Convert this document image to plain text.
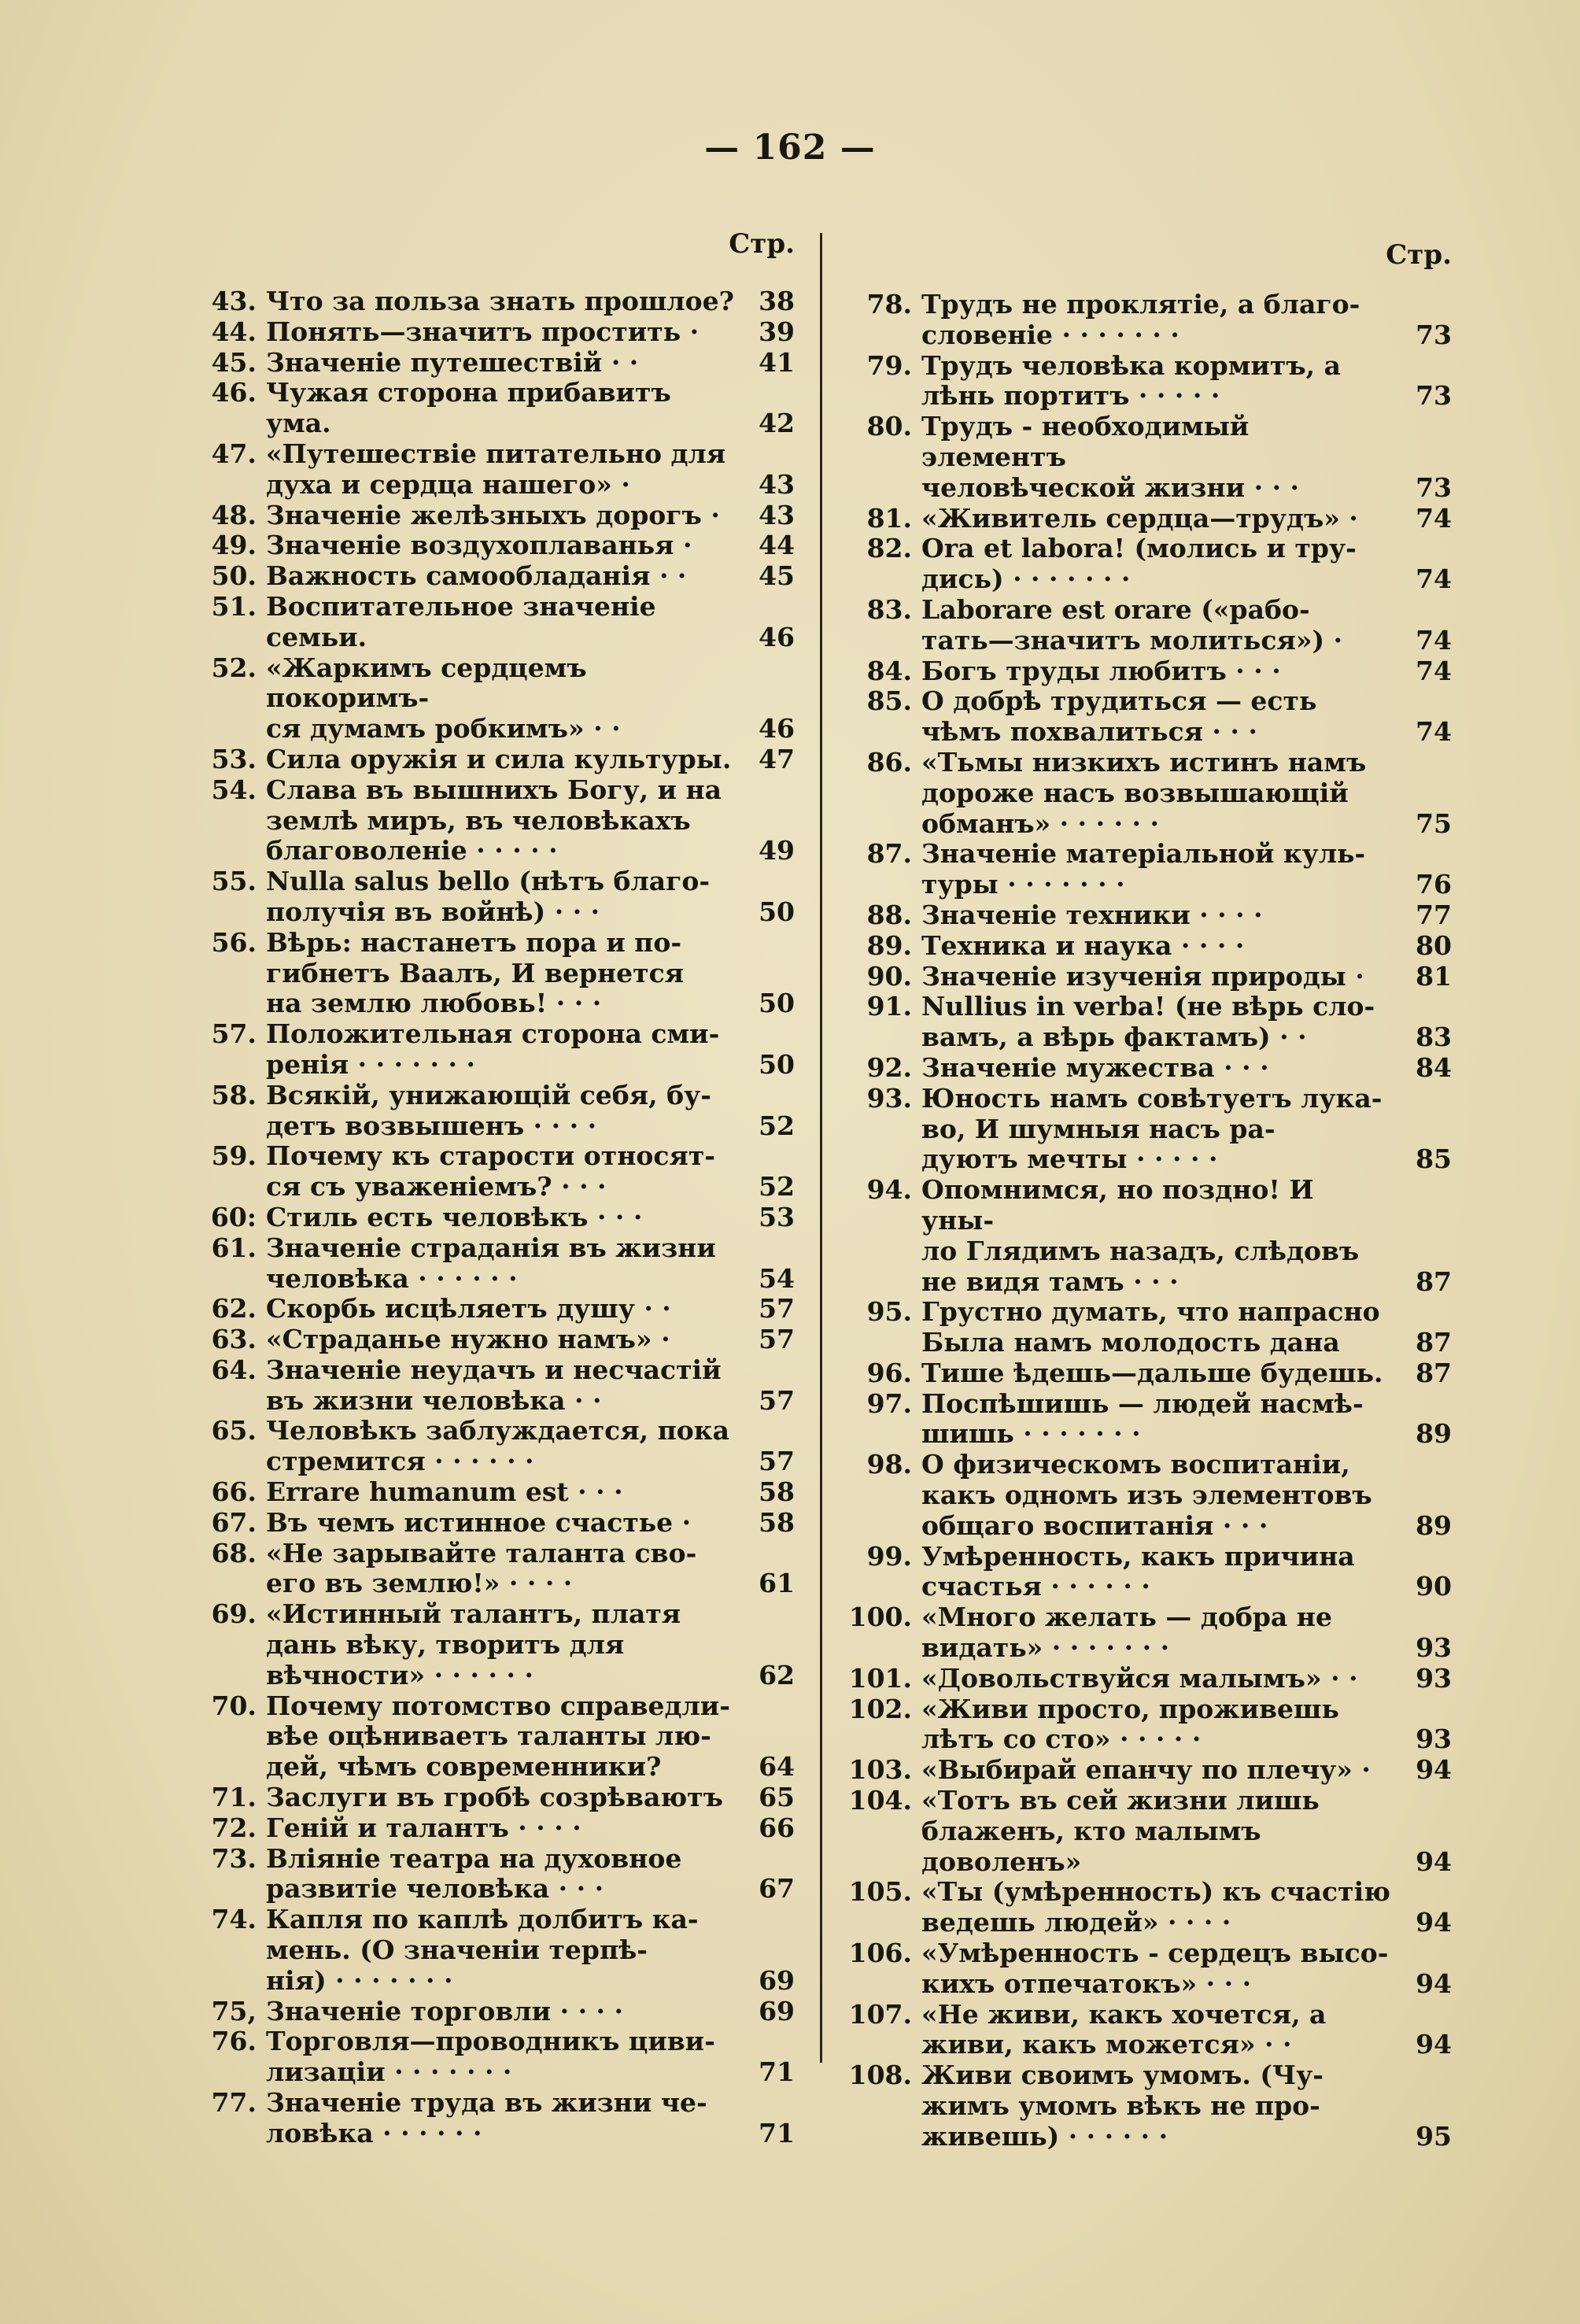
— 162 —
Стр.
43. Что за польза знать прошлое? 38
44. Понять—значитъ простить ·	39
45. Значеніе путешествій · ·	41
46. Чужая сторона прибавитъ ума.	42
47. «Путешествіе питательно для
духа и сердца нашего» ·	43
48. Значеніе желѣзныхъ дорогъ ·	43
49. Значеніе воздухоплаванья ·	44
50. Важность самообладанія · ·	45
51. Воспитательное значеніе семьи.	46
52. «Жаркимъ сердцемъ покоримъ-
ся думамъ робкимъ» · ·	46
53. Сила оружія и сила культуры.	47
54. Слава въ вышнихъ Богу, и на
землѣ миръ, въ человѣкахъ
благоволеніе · · · · ·	49
55. Nulla salus bello (нѣтъ благо-
получія въ войнѣ) · · ·	50
56. Вѣрь: настанетъ пора и по-
гибнетъ Ваалъ, И вернется
на землю любовь! · · ·	50
57. Положительная сторона сми-
ренія · · · · · · ·	50
58. Всякій, унижающій себя, бу-
детъ возвышенъ · · · ·	52
59. Почему къ старости относят-
ся съ уваженіемъ? · · ·	52
60: Стиль есть человѣкъ · · ·	53
61. Значеніе страданія въ жизни
человѣка · · · · · ·	54
62. Скорбь исцѣляетъ душу · ·	57
63. «Страданье нужно намъ» ·	57
64. Значеніе неудачъ и несчастій
въ жизни человѣка · ·	57
65. Человѣкъ заблуждается, пока
стремится · · · · · ·	57
66. Errare humanum est · · ·	58
67. Въ чемъ истинное счастье ·	58
68. «Не зарывайте таланта сво-
его въ землю!» · · · ·	61
69. «Истинный талантъ, платя
дань вѣку, творитъ для
вѣчности» · · · · · ·	62
70. Почему потомство справедли-
вѣе оцѣниваетъ таланты лю-
дей, чѣмъ современники?	64
71. Заслуги въ гробѣ созрѣваютъ	65
72. Геній и талантъ · · · ·	66
73. Вліяніе театра на духовное
развитіе человѣка · · ·	67
74. Капля по каплѣ долбитъ ка-
мень. (О значеніи терпѣ-
нія) · · · · · · ·	69
75, Значеніе торговли · · · ·	69
76. Торговля—проводникъ циви-
лизаціи · · · · · · ·	71
77. Значеніе труда въ жизни че-
ловѣка · · · · · ·	71
Стр.
78. Трудъ не проклятіе, а благо-
словеніе · · · · · · ·	73
79. Трудъ человѣка кормитъ, а
лѣнь портитъ · · · · ·	73
80. Трудъ - необходимый элементъ
человѣческой жизни · · ·	73
81. «Живитель сердца—трудъ» ·	74
82. Ora et labora! (молись и тру-
дись) · · · · · · ·	74
83. Laborare est orare («рабо-
тать—значитъ молиться») ·	74
84. Богъ труды любитъ · · ·	74
85. О добрѣ трудиться — есть
чѣмъ похвалиться · · ·	74
86. «Тьмы низкихъ истинъ намъ
дороже насъ возвышающій
обманъ» · · · · · ·	75
87. Значеніе матеріальной куль-
туры · · · · · · ·	76
88. Значеніе техники · · · ·	77
89. Техника и наука · · · ·	80
90. Значеніе изученія природы ·	81
91. Nullius in verba! (не вѣрь сло-
вамъ, а вѣрь фактамъ) · ·	83
92. Значеніе мужества · · ·	84
93. Юность намъ совѣтуетъ лука-
во, И шумныя насъ ра-
дуютъ мечты · · · · ·	85
94. Опомнимся, но поздно! И уны-
ло Глядимъ назадъ, слѣдовъ
не видя тамъ · · ·	87
95. Грустно думать, что напрасно
Была намъ молодость дана	87
96. Тише ѣдешь—дальше будешь.	87
97. Поспѣшишь — людей насмѣ-
шишь · · · · · · ·	89
98. О физическомъ воспитаніи,
какъ одномъ изъ элементовъ
общаго воспитанія · · ·	89
99. Умѣренность, какъ причина
счастья · · · · · ·	90
100. «Много желать — добра не
видать» · · · · · · ·	93
101. «Довольствуйся малымъ» · ·	93
102. «Живи просто, проживешь
лѣтъ со сто» · · · · ·	93
103. «Выбирай епанчу по плечу» ·	94
104. «Тотъ въ сей жизни лишь
блаженъ, кто малымъ доволенъ»	94
105. «Ты (умѣренность) къ счастію
ведешь людей» · · · ·	94
106. «Умѣренность - сердецъ высо-
кихъ отпечатокъ» · · ·	94
107. «Не живи, какъ хочется, а
живи, какъ можется» · ·	94
108. Живи своимъ умомъ. (Чу-
жимъ умомъ вѣкъ не про-
живешь) · · · · · ·	95
